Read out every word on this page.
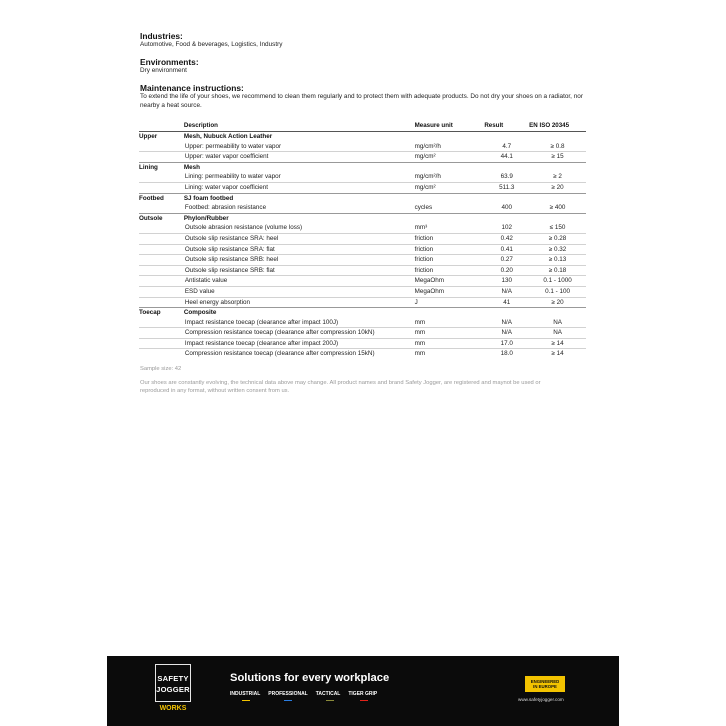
Industries:
Automotive, Food & beverages, Logistics, Industry
Environments:
Dry environment
Maintenance instructions:
To extend the life of your shoes, we recommend to clean them regularly and to protect them with adequate products. Do not dry your shoes on a radiator, nor nearby a heat source.
	Description	Measure unit	Result	EN ISO 20345
Upper	Mesh, Nubuck Action Leather			
	Upper: permeability to water vapor	mg/cm²/h	4.7	≥ 0.8
	Upper: water vapor coefficient	mg/cm²	44.1	≥ 15
Lining	Mesh			
	Lining: permeability to water vapor	mg/cm²/h	63.9	≥ 2
	Lining: water vapor coefficient	mg/cm²	511.3	≥ 20
Footbed	SJ foam footbed			
	Footbed: abrasion resistance	cycles	400	≥ 400
Outsole	Phylon/Rubber			
	Outsole abrasion resistance (volume loss)	mm³	102	≤ 150
	Outsole slip resistance SRA: heel	friction	0.42	≥ 0.28
	Outsole slip resistance SRA: flat	friction	0.41	≥ 0.32
	Outsole slip resistance SRB: heel	friction	0.27	≥ 0.13
	Outsole slip resistance SRB: flat	friction	0.20	≥ 0.18
	Antistatic value	MegaOhm	130	0.1 - 1000
	ESD value	MegaOhm	N/A	0.1 - 100
	Heel energy absorption	J	41	≥ 20
Toecap	Composite			
	Impact resistance toecap (clearance after impact 100J)	mm	N/A	NA
	Compression resistance toecap (clearance after compression 10kN)	mm	N/A	NA
	Impact resistance toecap (clearance after impact 200J)	mm	17.0	≥ 14
	Compression resistance toecap (clearance after compression 15kN)	mm	18.0	≥ 14
Sample size: 42
Our shoes are constantly evolving, the technical data above may change. All product names and brand Safety Jogger, are registered and maynot be used or
reproduced in any format, without written consent from us.
SAFETY
JOGGER
WORKS
Solutions for every workplace
INDUSTRIAL PROFESSIONAL TACTICAL TIGER GRIP
ENGINEERED
IN EUROPE
www.safetyjogger.com
